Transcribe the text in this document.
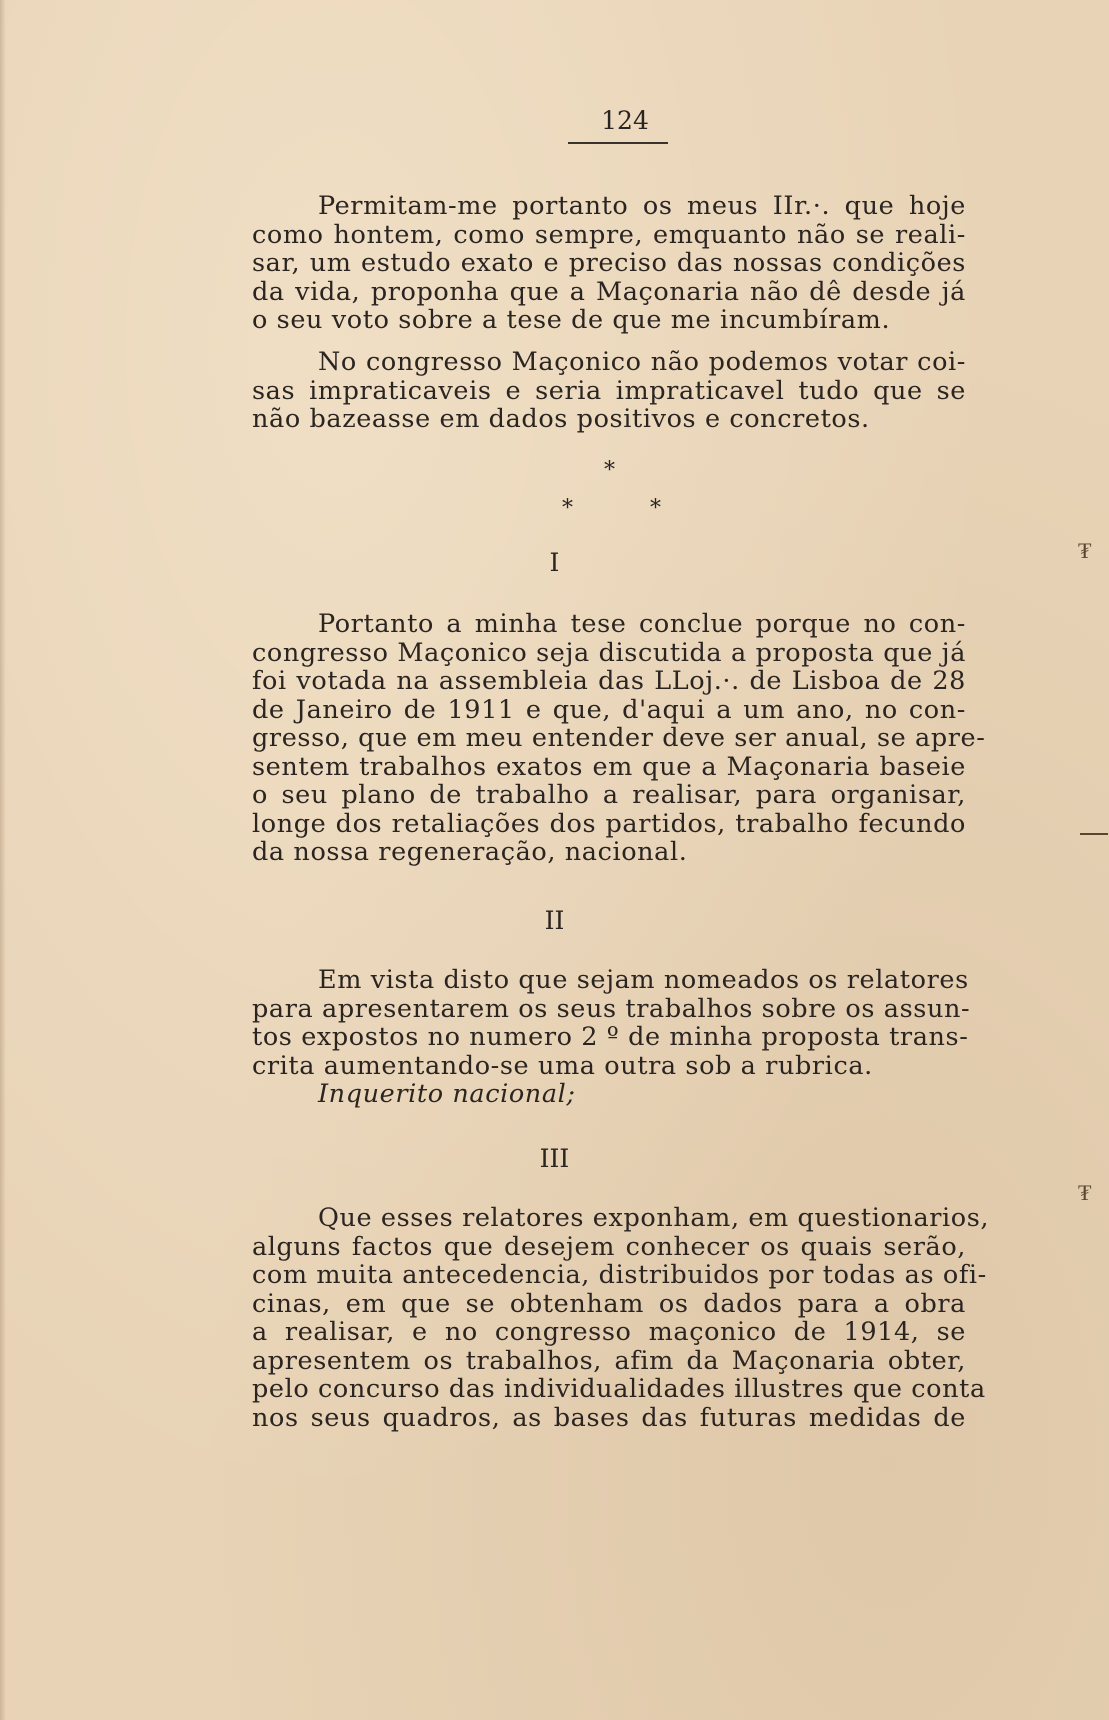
124
Permitam-me portanto os meus IIr.·. que hoje
como hontem, como sempre, emquanto não se reali-
sar, um estudo exato e preciso das nossas condições
da vida, proponha que a Maçonaria não dê desde já
o seu voto sobre a tese de que me incumbíram.
No congresso Maçonico não podemos votar coi-
sas impraticaveis e seria impraticavel tudo que se
não bazeasse em dados positivos e concretos.
*
*	*
I
Portanto a minha tese conclue porque no con-
congresso Maçonico seja discutida a proposta que já
foi votada na assembleia das LLoj.·. de Lisboa de 28
de Janeiro de 1911 e que, d'aqui a um ano, no con-
gresso, que em meu entender deve ser anual, se apre-
sentem trabalhos exatos em que a Maçonaria baseie
o seu plano de trabalho a realisar, para organisar,
longe dos retaliações dos partidos, trabalho fecundo
da nossa regeneração, nacional.
II
Em vista disto que sejam nomeados os relatores
para apresentarem os seus trabalhos sobre os assun-
tos expostos no numero 2 º de minha proposta trans-
crita aumentando-se uma outra sob a rubrica.
Inquerito nacional;
III
Que esses relatores exponham, em questionarios,
alguns factos que desejem conhecer os quais serão,
com muita antecedencia, distribuidos por todas as ofi-
cinas, em que se obtenham os dados para a obra
a realisar, e no congresso maçonico de 1914, se
apresentem os trabalhos, afim da Maçonaria obter,
pelo concurso das individualidades illustres que conta
nos seus quadros, as bases das futuras medidas de
₮
₮
